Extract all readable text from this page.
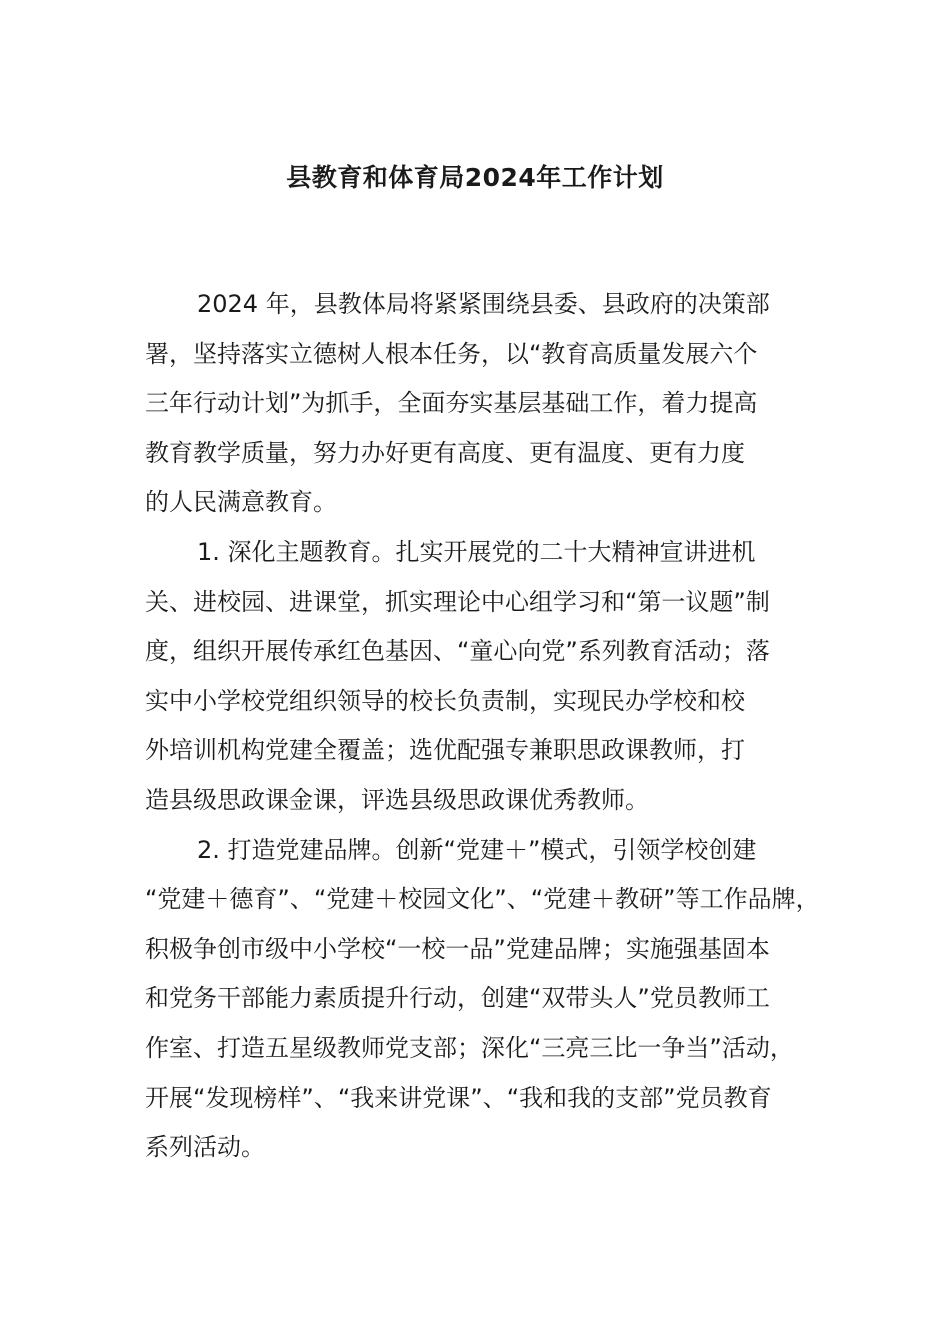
县教育和体育局2024年工作计划
2024 年，县教体局将紧紧围绕县委、县政府的决策部
署，坚持落实立德树人根本任务，以“教育高质量发展六个
三年行动计划”为抓手，全面夯实基层基础工作，着力提高
教育教学质量，努力办好更有高度、更有温度、更有力度
的人民满意教育。
1. 深化主题教育。扎实开展党的二十大精神宣讲进机
关、进校园、进课堂，抓实理论中心组学习和“第一议题”制
度，组织开展传承红色基因、“童心向党”系列教育活动；落
实中小学校党组织领导的校长负责制，实现民办学校和校
外培训机构党建全覆盖；选优配强专兼职思政课教师，打
造县级思政课金课，评选县级思政课优秀教师。
2. 打造党建品牌。创新“党建＋”模式，引领学校创建
“党建＋德育”、“党建＋校园文化”、“党建＋教研”等工作品牌，
积极争创市级中小学校“一校一品”党建品牌；实施强基固本
和党务干部能力素质提升行动，创建“双带头人”党员教师工
作室、打造五星级教师党支部；深化“三亮三比一争当”活动，
开展“发现榜样”、“我来讲党课”、“我和我的支部”党员教育
系列活动。
